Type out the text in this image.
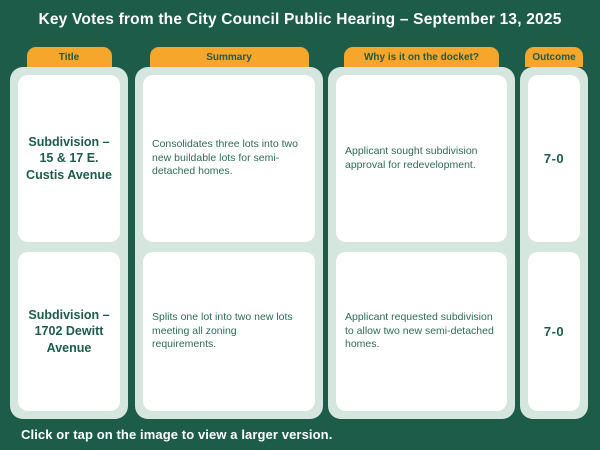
Key Votes from the City Council Public Hearing – September 13, 2025
Title
Subdivision – 15 & 17 E. Custis Avenue
Subdivision – 1702 Dewitt Avenue
Summary
Consolidates three lots into two new buildable lots for semi-detached homes.
Splits one lot into two new lots meeting all zoning requirements.
Why is it on the docket?
Applicant sought subdivision approval for redevelopment.
Applicant requested subdivision to allow two new semi-detached homes.
Outcome
7-0
7-0
Click or tap on the image to view a larger version.
